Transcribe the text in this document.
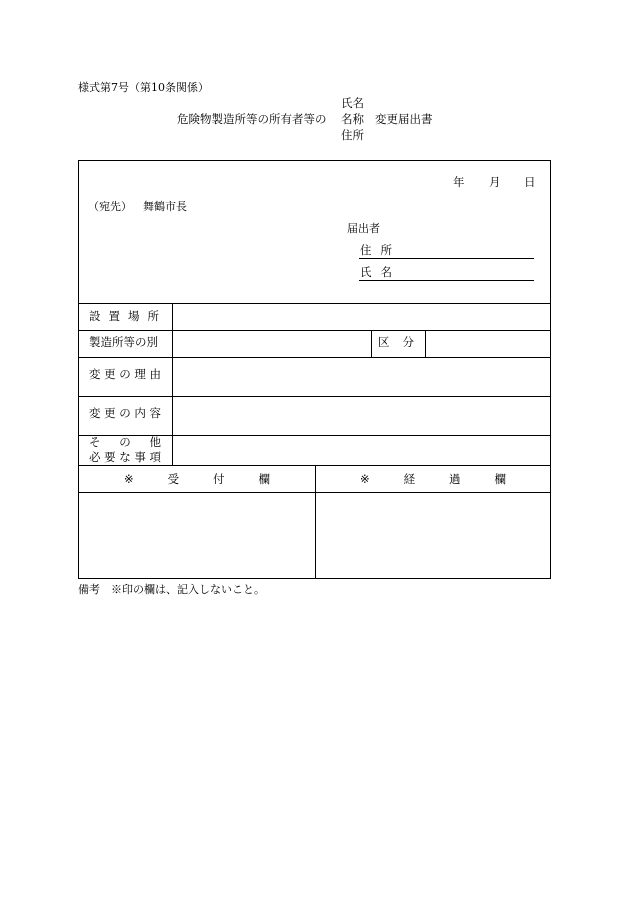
様式第7号（第10条関係）
危険物製造所等の所有者等の
氏名
名称
住所
変更届出書
年 月 日
（宛先） 舞鶴市長
届出者
住 所
氏 名
設 置 場 所
製造所等の別	区 分
変 更 の 理 由
変 更 の 内 容
そ の 他
必 要 な 事 項
※	受	付	欄	※	経	過	欄
備考　※印の欄は、記入しないこと。
